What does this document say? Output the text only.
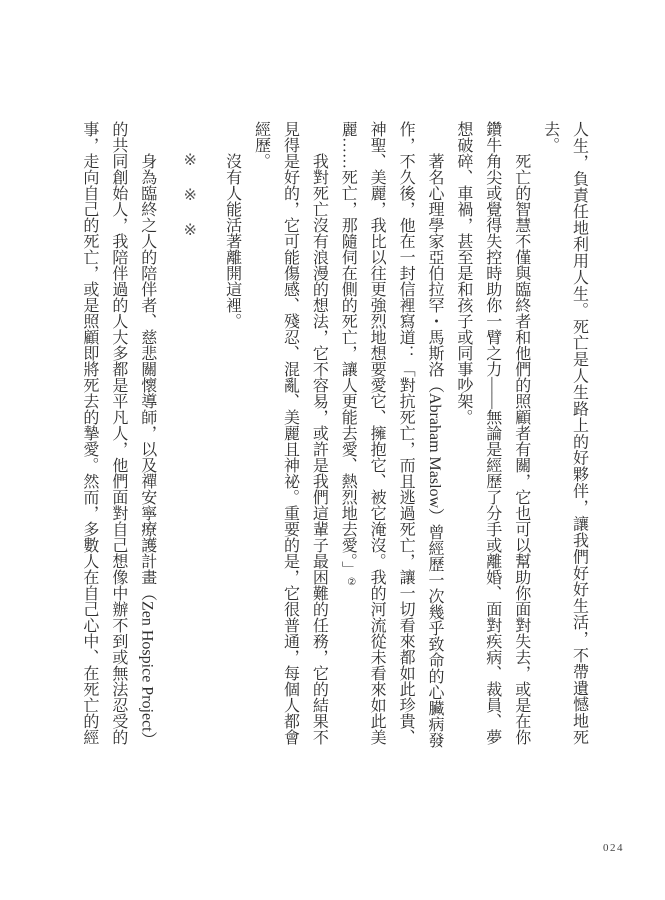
人生，負責任地利用人生。死亡是人生路上的好夥伴，讓我們好好生活，不帶遺憾地死
去。
死亡的智慧不僅與臨終者和他們的照顧者有關，它也可以幫助你面對失去，或是在你
鑽牛角尖或覺得失控時助你一臂之力——無論是經歷了分手或離婚、面對疾病、裁員、夢
想破碎、車禍，甚至是和孩子或同事吵架。
著名心理學家亞伯拉罕・馬斯洛（Abraham Maslow）曾經歷一次幾乎致命的心臟病發
作，不久後，他在一封信裡寫道：「對抗死亡，而且逃過死亡，讓一切看來都如此珍貴、
神聖、美麗，我比以往更強烈地想要愛它、擁抱它、被它淹沒。我的河流從未看來如此美
麗……死亡，那隨伺在側的死亡，讓人更能去愛、熱烈地去愛。」②
我對死亡沒有浪漫的想法，它不容易，或許是我們這輩子最困難的任務，它的結果不
見得是好的，它可能傷感、殘忍、混亂、美麗且神祕。重要的是，它很普通，每個人都會
經歷。
沒有人能活著離開這裡。
※　※　※
身為臨終之人的陪伴者、慈悲關懷導師，以及禪安寧療護計畫（Zen Hospice Project）
的共同創始人，我陪伴過的人大多都是平凡人，他們面對自己想像中辦不到或無法忍受的
事，走向自己的死亡，或是照顧即將死去的摯愛。然而，多數人在自己心中、在死亡的經
024
